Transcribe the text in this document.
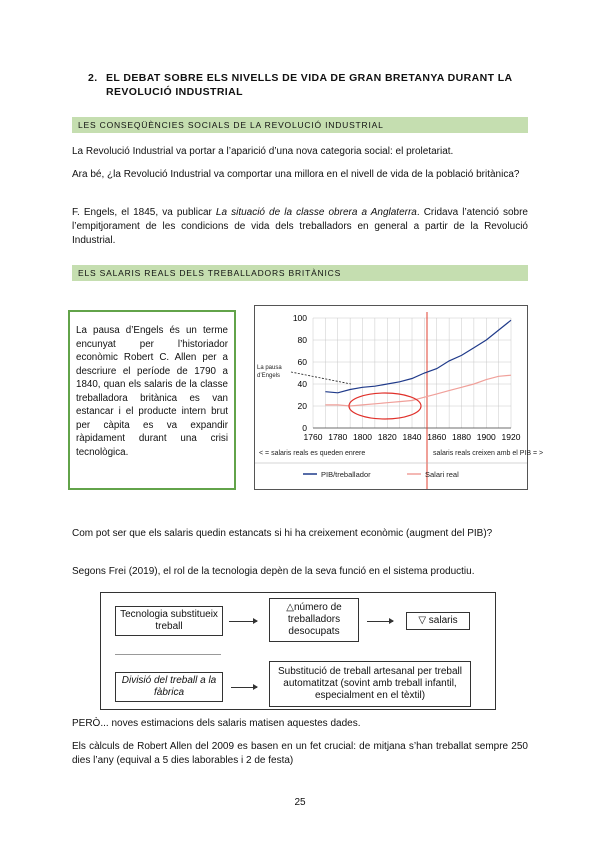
2. EL DEBAT SOBRE ELS NIVELLS DE VIDA DE GRAN BRETANYA DURANT LA REVOLUCIÓ INDUSTRIAL
LES CONSEQÜÈNCIES SOCIALS DE LA REVOLUCIÓ INDUSTRIAL
La Revolució Industrial va portar a l’aparició d’una nova categoria social: el proletariat.
Ara bé, ¿la Revolució Industrial va comportar una millora en el nivell de vida de la població britànica?
F. Engels, el 1845, va publicar La situació de la classe obrera a Anglaterra. Cridava l’atenció sobre l’empitjorament de les condicions de vida dels treballadors en general a partir de la Revolució Industrial.
ELS SALARIS REALS DELS TREBALLADORS BRITÀNICS
La pausa d’Engels és un terme encunyat per l’historiador econòmic Robert C. Allen per a descriure el període de 1790 a 1840, quan els salaris de la classe treballadora britànica es van estancar i el producte intern brut per càpita es va expandir ràpidament durant una crisi tecnològica.
0
20
40
60
80
100
1760 1780 1800 1820 1840 1860 1880 1900 1920
La pausa
d’Engels
La pausa d’Engels
< = salaris reals es queden enrere	salaris reals creixen amb el PIB = >
PIB/treballador	Salari real
Com pot ser que els salaris quedin estancats si hi ha creixement econòmic (augment del PIB)?
Segons Frei (2019), el rol de la tecnologia depèn de la seva funció en el sistema productiu.
Tecnologia substitueix treball
△número de treballadors desocupats
▽ salaris
Divisió del treball a la fàbrica
Substitució de treball artesanal per treball automatitzat (sovint amb treball infantil, especialment en el tèxtil)
PERÒ... noves estimacions dels salaris matisen aquestes dades.
Els càlculs de Robert Allen del 2009 es basen en un fet crucial: de mitjana s’han treballat sempre 250 dies l’any (equival a 5 dies laborables i 2 de festa)
25
